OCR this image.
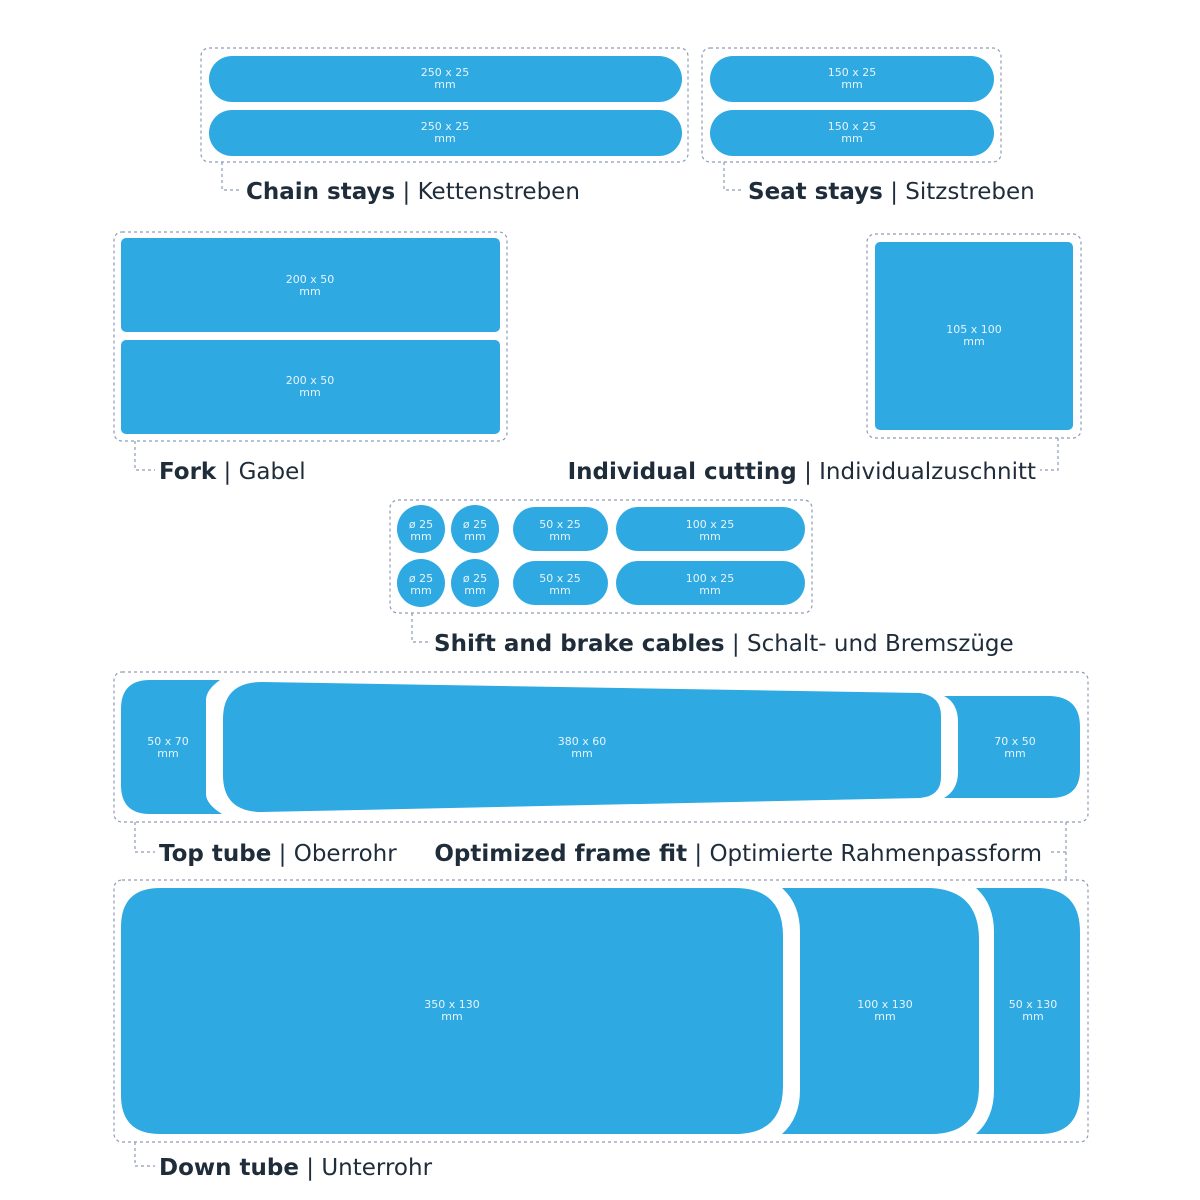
250 x 25
mm
250 x 25
mm
Chain stays | Kettenstreben
150 x 25
mm
150 x 25
mm
Seat stays | Sitzstreben
200 x 50
mm
200 x 50
mm
Fork | Gabel
105 x 100
mm
Individual cutting | Individualzuschnitt
ø 25
mm
ø 25
mm
50 x 25
mm
100 x 25
mm
ø 25
mm
ø 25
mm
50 x 25
mm
100 x 25
mm
Shift and brake cables | Schalt- und Bremszüge
50 x 70
mm
380 x 60
mm
70 x 50
mm
Top tube | Oberrohr Optimized frame fit | Optimierte Rahmenpassform
350 x 130
mm
100 x 130
mm
50 x 130
mm
Down tube | Unterrohr
